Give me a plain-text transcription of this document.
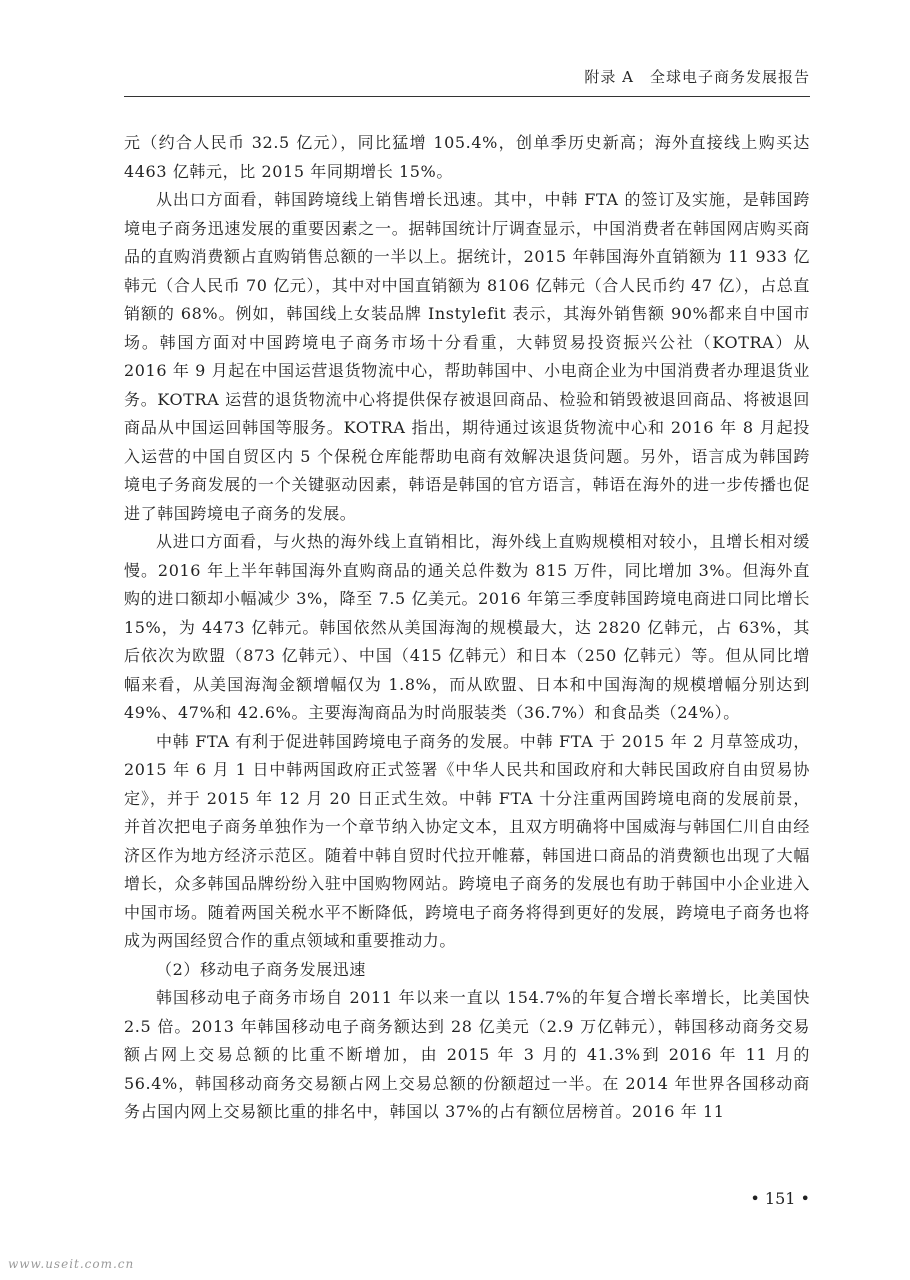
附录 A　全球电子商务发展报告

元（约合人民币 32.5 亿元），同比猛增 105.4%，创单季历史新高；海外直接线上购买达 4463 亿韩元，比 2015 年同期增长 15%。

从出口方面看，韩国跨境线上销售增长迅速。其中，中韩 FTA 的签订及实施，是韩国跨境电子商务迅速发展的重要因素之一。据韩国统计厅调查显示，中国消费者在韩国网店购买商品的直购消费额占直购销售总额的一半以上。据统计，2015 年韩国海外直销额为 11 933 亿韩元（合人民币 70 亿元），其中对中国直销额为 8106 亿韩元（合人民币约 47 亿），占总直销额的 68%。例如，韩国线上女装品牌 Instylefit 表示，其海外销售额 90%都来自中国市场。韩国方面对中国跨境电子商务市场十分看重，大韩贸易投资振兴公社（KOTRA）从 2016 年 9 月起在中国运营退货物流中心，帮助韩国中、小电商企业为中国消费者办理退货业务。KOTRA 运营的退货物流中心将提供保存被退回商品、检验和销毁被退回商品、将被退回商品从中国运回韩国等服务。KOTRA 指出，期待通过该退货物流中心和 2016 年 8 月起投入运营的中国自贸区内 5 个保税仓库能帮助电商有效解决退货问题。另外，语言成为韩国跨境电子务商发展的一个关键驱动因素，韩语是韩国的官方语言，韩语在海外的进一步传播也促进了韩国跨境电子商务的发展。

从进口方面看，与火热的海外线上直销相比，海外线上直购规模相对较小，且增长相对缓慢。2016 年上半年韩国海外直购商品的通关总件数为 815 万件，同比增加 3%。但海外直购的进口额却小幅减少 3%，降至 7.5 亿美元。2016 年第三季度韩国跨境电商进口同比增长 15%，为 4473 亿韩元。韩国依然从美国海淘的规模最大，达 2820 亿韩元，占 63%，其后依次为欧盟（873 亿韩元）、中国（415 亿韩元）和日本（250 亿韩元）等。但从同比增幅来看，从美国海淘金额增幅仅为 1.8%，而从欧盟、日本和中国海淘的规模增幅分别达到 49%、47%和 42.6%。主要海淘商品为时尚服装类（36.7%）和食品类（24%）。

中韩 FTA 有利于促进韩国跨境电子商务的发展。中韩 FTA 于 2015 年 2 月草签成功，2015 年 6 月 1 日中韩两国政府正式签署《中华人民共和国政府和大韩民国政府自由贸易协定》，并于 2015 年 12 月 20 日正式生效。中韩 FTA 十分注重两国跨境电商的发展前景，并首次把电子商务单独作为一个章节纳入协定文本，且双方明确将中国威海与韩国仁川自由经济区作为地方经济示范区。随着中韩自贸时代拉开帷幕，韩国进口商品的消费额也出现了大幅增长，众多韩国品牌纷纷入驻中国购物网站。跨境电子商务的发展也有助于韩国中小企业进入中国市场。随着两国关税水平不断降低，跨境电子商务将得到更好的发展，跨境电子商务也将成为两国经贸合作的重点领域和重要推动力。

（2）移动电子商务发展迅速

韩国移动电子商务市场自 2011 年以来一直以 154.7%的年复合增长率增长，比美国快 2.5 倍。2013 年韩国移动电子商务额达到 28 亿美元（2.9 万亿韩元），韩国移动商务交易额占网上交易总额的比重不断增加，由 2015 年 3 月的 41.3%到 2016 年 11 月的 56.4%，韩国移动商务交易额占网上交易总额的份额超过一半。在 2014 年世界各国移动商务占国内网上交易额比重的排名中，韩国以 37%的占有额位居榜首。2016 年 11

• 151 •
www.useit.com.cn
